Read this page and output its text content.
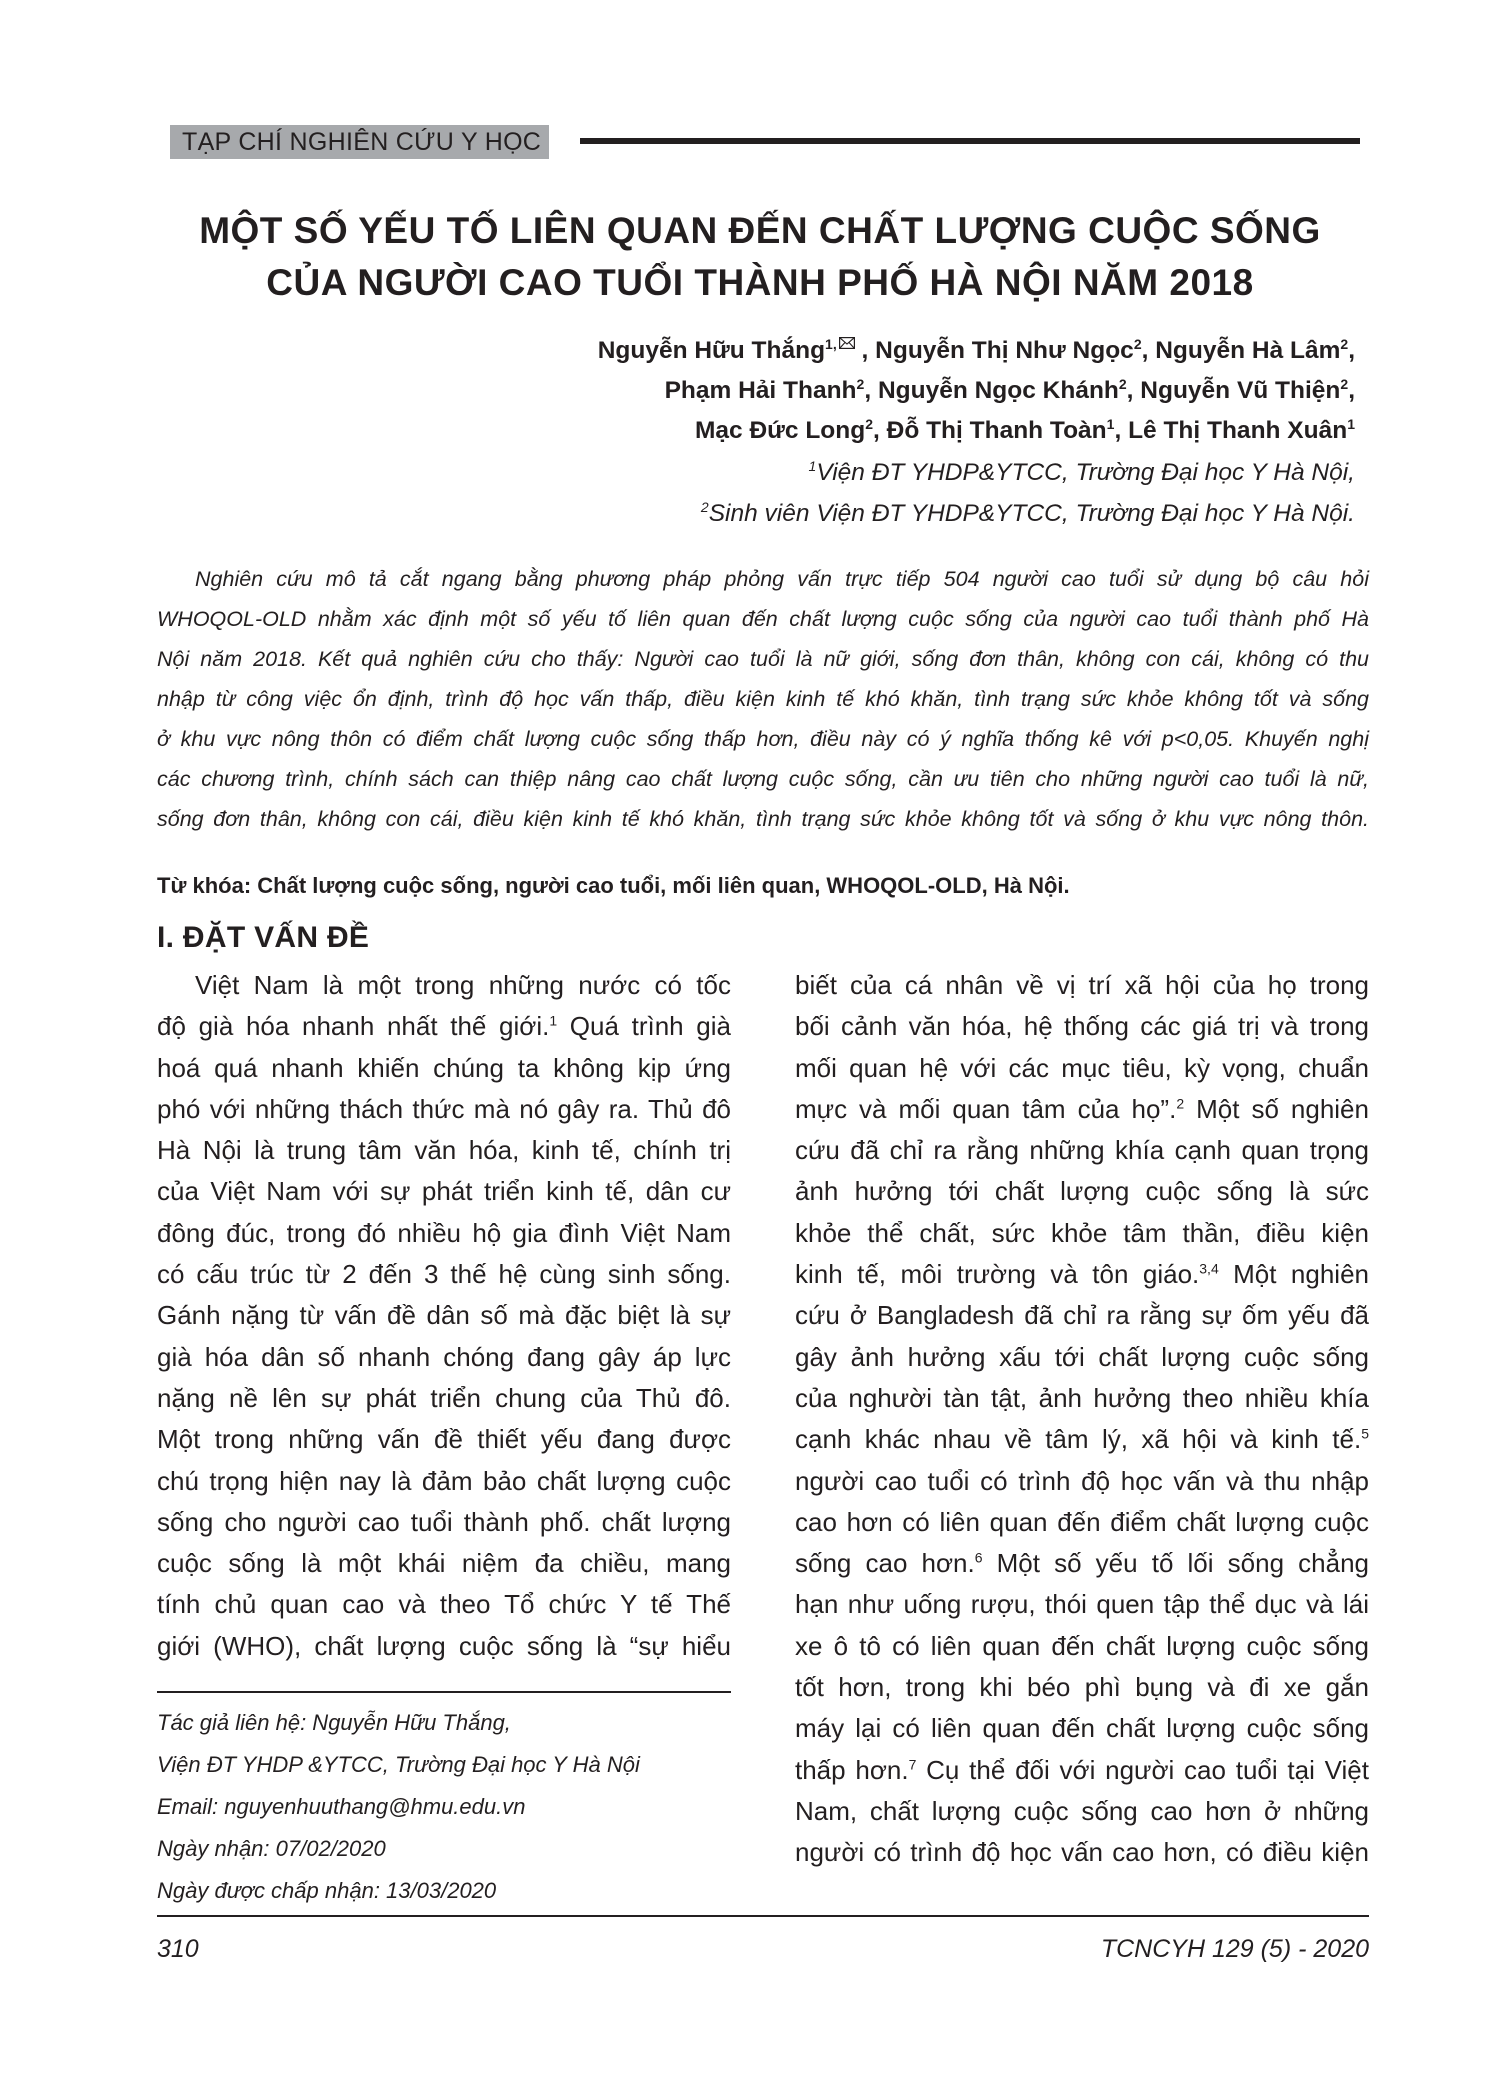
TẠP CHÍ NGHIÊN CỨU Y HỌC
MỘT SỐ YẾU TỐ LIÊN QUAN ĐẾN CHẤT LƯỢNG CUỘC SỐNG
CỦA NGƯỜI CAO TUỔI THÀNH PHỐ HÀ NỘI NĂM 2018
Nguyễn Hữu Thắng$^{1,}$ , Nguyễn Thị Như Ngọc$^2$, Nguyễn Hà Lâm$^2$,
Phạm Hải Thanh$^2$, Nguyễn Ngọc Khánh$^2$, Nguyễn Vũ Thiện$^2$,
Mạc Đức Long$^2$, Đỗ Thị Thanh Toàn$^1$, Lê Thị Thanh Xuân$^1$
$^1$Viện ĐT YHDP&YTCC, Trường Đại học Y Hà Nội,
$^2$Sinh viên Viện ĐT YHDP&YTCC, Trường Đại học Y Hà Nội.
Nghiên cứu mô tả cắt ngang bằng phương pháp phỏng vấn trực tiếp 504 người cao tuổi sử dụng bộ câu hỏi
WHOQOL-OLD nhằm xác định một số yếu tố liên quan đến chất lượng cuộc sống của người cao tuổi thành phố Hà
Nội năm 2018. Kết quả nghiên cứu cho thấy: Người cao tuổi là nữ giới, sống đơn thân, không con cái, không có thu
nhập từ công việc ổn định, trình độ học vấn thấp, điều kiện kinh tế khó khăn, tình trạng sức khỏe không tốt và sống
ở khu vực nông thôn có điểm chất lượng cuộc sống thấp hơn, điều này có ý nghĩa thống kê với p<0,05. Khuyến nghị
các chương trình, chính sách can thiệp nâng cao chất lượng cuộc sống, cần ưu tiên cho những người cao tuổi là nữ,
sống đơn thân, không con cái, điều kiện kinh tế khó khăn, tình trạng sức khỏe không tốt và sống ở khu vực nông thôn.
Từ khóa: Chất lượng cuộc sống, người cao tuổi, mối liên quan, WHOQOL-OLD, Hà Nội.
I. ĐẶT VẤN ĐỀ
Việt Nam là một trong những nước có tốc
độ già hóa nhanh nhất thế giới.$^1$ Quá trình già
hoá quá nhanh khiến chúng ta không kịp ứng
phó với những thách thức mà nó gây ra. Thủ đô
Hà Nội là trung tâm văn hóa, kinh tế, chính trị
của Việt Nam với sự phát triển kinh tế, dân cư
đông đúc, trong đó nhiều hộ gia đình Việt Nam
có cấu trúc từ 2 đến 3 thế hệ cùng sinh sống.
Gánh nặng từ vấn đề dân số mà đặc biệt là sự
già hóa dân số nhanh chóng đang gây áp lực
nặng nề lên sự phát triển chung của Thủ đô.
Một trong những vấn đề thiết yếu đang được
chú trọng hiện nay là đảm bảo chất lượng cuộc
sống cho người cao tuổi thành phố. chất lượng
cuộc sống là một khái niệm đa chiều, mang
tính chủ quan cao và theo Tổ chức Y tế Thế
giới (WHO), chất lượng cuộc sống là “sự hiểu
biết của cá nhân về vị trí xã hội của họ trong
bối cảnh văn hóa, hệ thống các giá trị và trong
mối quan hệ với các mục tiêu, kỳ vọng, chuẩn
mực và mối quan tâm của họ”.$^2$ Một số nghiên
cứu đã chỉ ra rằng những khía cạnh quan trọng
ảnh hưởng tới chất lượng cuộc sống là sức
khỏe thể chất, sức khỏe tâm thần, điều kiện
kinh tế, môi trường và tôn giáo.$^{3,4}$ Một nghiên
cứu ở Bangladesh đã chỉ ra rằng sự ốm yếu đã
gây ảnh hưởng xấu tới chất lượng cuộc sống
của nghười tàn tật, ảnh hưởng theo nhiều khía
cạnh khác nhau về tâm lý, xã hội và kinh tế.$^5$
người cao tuổi có trình độ học vấn và thu nhập
cao hơn có liên quan đến điểm chất lượng cuộc
sống cao hơn.$^6$ Một số yếu tố lối sống chẳng
hạn như uống rượu, thói quen tập thể dục và lái
xe ô tô có liên quan đến chất lượng cuộc sống
tốt hơn, trong khi béo phì bụng và đi xe gắn
máy lại có liên quan đến chất lượng cuộc sống
thấp hơn.$^7$ Cụ thể đối với người cao tuổi tại Việt
Nam, chất lượng cuộc sống cao hơn ở những
người có trình độ học vấn cao hơn, có điều kiện
Tác giả liên hệ: Nguyễn Hữu Thắng,
Viện ĐT YHDP &YTCC, Trường Đại học Y Hà Nội
Email: nguyenhuuthang@hmu.edu.vn
Ngày nhận: 07/02/2020
Ngày được chấp nhận: 13/03/2020
310	TCNCYH 129 (5) - 2020
